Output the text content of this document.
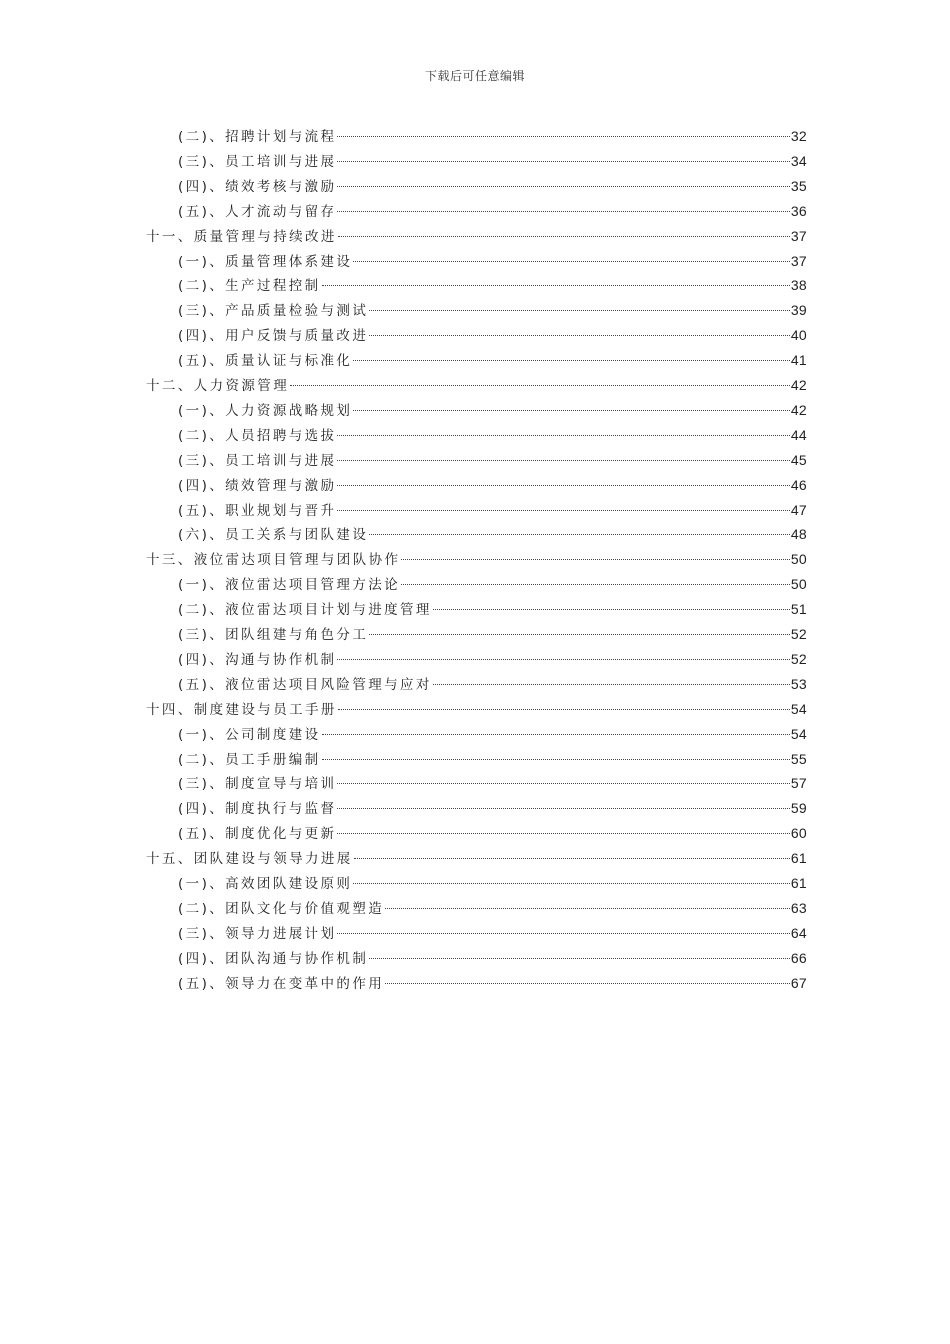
下载后可任意编辑
(二)、招聘计划与流程	32
(三)、员工培训与进展	34
(四)、绩效考核与激励	35
(五)、人才流动与留存	36
十一、质量管理与持续改进	37
(一)、质量管理体系建设	37
(二)、生产过程控制	38
(三)、产品质量检验与测试	39
(四)、用户反馈与质量改进	40
(五)、质量认证与标准化	41
十二、人力资源管理	42
(一)、人力资源战略规划	42
(二)、人员招聘与选拔	44
(三)、员工培训与进展	45
(四)、绩效管理与激励	46
(五)、职业规划与晋升	47
(六)、员工关系与团队建设	48
十三、液位雷达项目管理与团队协作	50
(一)、液位雷达项目管理方法论	50
(二)、液位雷达项目计划与进度管理	51
(三)、团队组建与角色分工	52
(四)、沟通与协作机制	52
(五)、液位雷达项目风险管理与应对	53
十四、制度建设与员工手册	54
(一)、公司制度建设	54
(二)、员工手册编制	55
(三)、制度宣导与培训	57
(四)、制度执行与监督	59
(五)、制度优化与更新	60
十五、团队建设与领导力进展	61
(一)、高效团队建设原则	61
(二)、团队文化与价值观塑造	63
(三)、领导力进展计划	64
(四)、团队沟通与协作机制	66
(五)、领导力在变革中的作用	67
